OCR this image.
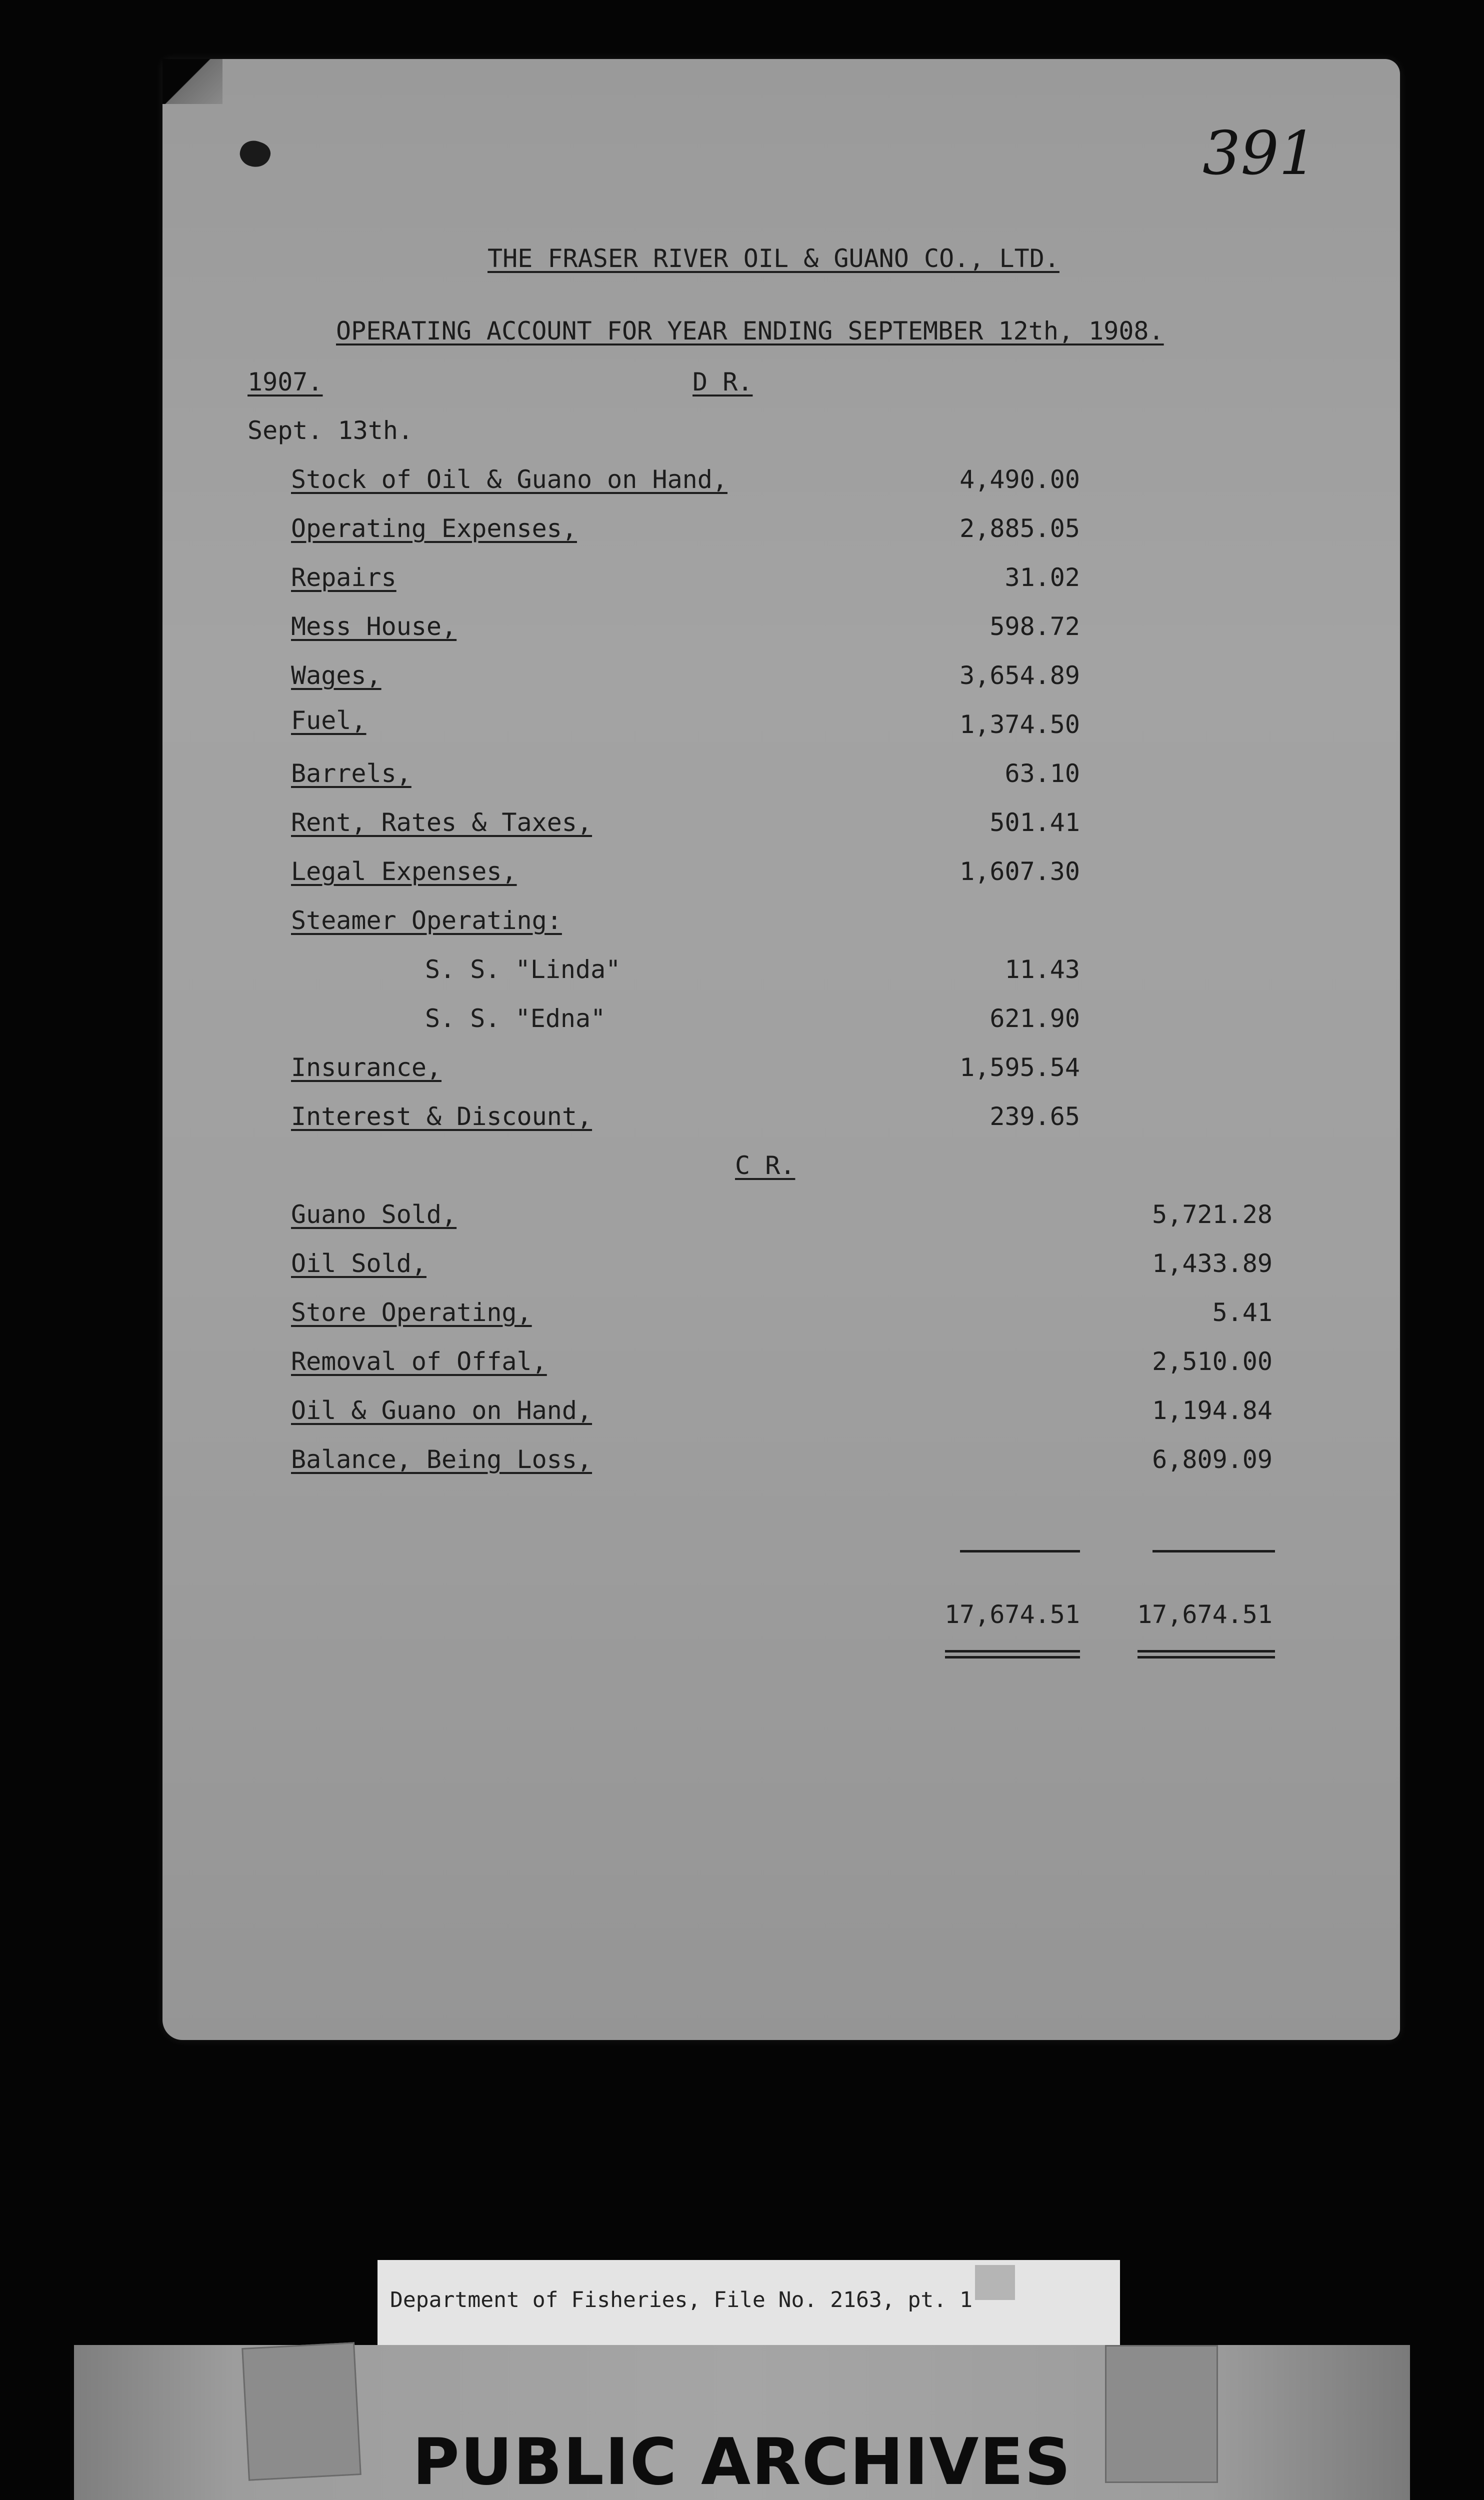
391
THE FRASER RIVER OIL & GUANO CO., LTD.
OPERATING ACCOUNT FOR YEAR ENDING SEPTEMBER 12th, 1908.
1907.	D R.
Sept. 13th.
Stock of Oil & Guano on Hand,	4,490.00
Operating Expenses,	2,885.05
Repairs	31.02
Mess House,	598.72
Wages,	3,654.89
Fuel,	1,374.50
Barrels,	63.10
Rent, Rates & Taxes,	501.41
Legal Expenses,	1,607.30
Steamer Operating:
S. S. "Linda"	11.43
S. S. "Edna"	621.90
Insurance,	1,595.54
Interest & Discount,	239.65
C R.
Guano Sold,	5,721.28
Oil Sold,	1,433.89
Store Operating,	5.41
Removal of Offal,	2,510.00
Oil & Guano on Hand,	1,194.84
Balance, Being Loss,	6,809.09
17,674.51	17,674.51
Department of Fisheries, File No. 2163, pt. 1
PUBLIC ARCHIVES
